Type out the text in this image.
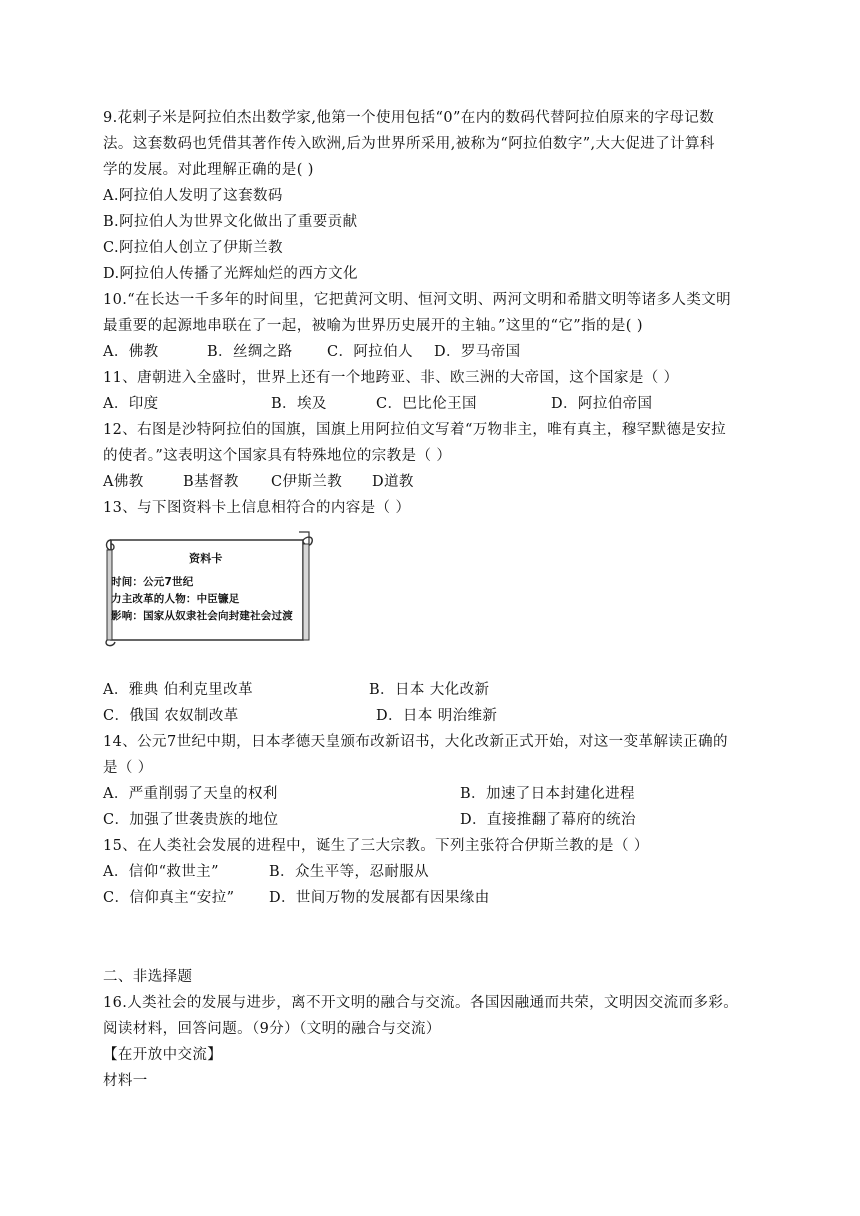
9.花剌子米是阿拉伯杰出数学家,他第一个使用包括“0”在内的数码代替阿拉伯原来的字母记数
法。这套数码也凭借其著作传入欧洲,后为世界所采用,被称为“阿拉伯数字”,大大促进了计算科
学的发展。对此理解正确的是( )
A.阿拉伯人发明了这套数码
B.阿拉伯人为世界文化做出了重要贡献
C.阿拉伯人创立了伊斯兰教
D.阿拉伯人传播了光辉灿烂的西方文化
10.“在长达一千多年的时间里，它把黄河文明、恒河文明、两河文明和希腊文明等诸多人类文明
最重要的起源地串联在了一起，被喻为世界历史展开的主轴。”这里的“它”指的是( )
A．佛教	B．丝绸之路 C．阿拉伯人 D．罗马帝国
11、唐朝进入全盛时，世界上还有一个地跨亚、非、欧三洲的大帝国，这个国家是（ ）
A．印度	B．埃及	C．巴比伦王国	D．阿拉伯帝国
12、右图是沙特阿拉伯的国旗，国旗上用阿拉伯文写着“万物非主，唯有真主，穆罕默德是安拉
的使者。”这表明这个国家具有特殊地位的宗教是（ ）
A佛教	B基督教 C伊斯兰教 D道教
13、与下图资料卡上信息相符合的内容是（ ）
资料卡
时间：公元7世纪
力主改革的人物：中臣镰足
影响：国家从奴隶社会向封建社会过渡
A．雅典 伯利克里改革	B．日本 大化改新
C．俄国 农奴制改革	D．日本 明治维新
14、公元7世纪中期，日本孝德天皇颁布改新诏书，大化改新正式开始，对这一变革解读正确的
是（ ）
A．严重削弱了天皇的权利	B．加速了日本封建化进程
C．加强了世袭贵族的地位	D．直接推翻了幕府的统治
15、在人类社会发展的进程中，诞生了三大宗教。下列主张符合伊斯兰教的是（ ）
A．信仰“救世主”	B．众生平等，忍耐服从
C．信仰真主“安拉” D．世间万物的发展都有因果缘由
二、非选择题
16.人类社会的发展与进步，离不开文明的融合与交流。各国因融通而共荣，文明因交流而多彩。
阅读材料，回答问题。（9分）（文明的融合与交流）
【在开放中交流】
材料一
